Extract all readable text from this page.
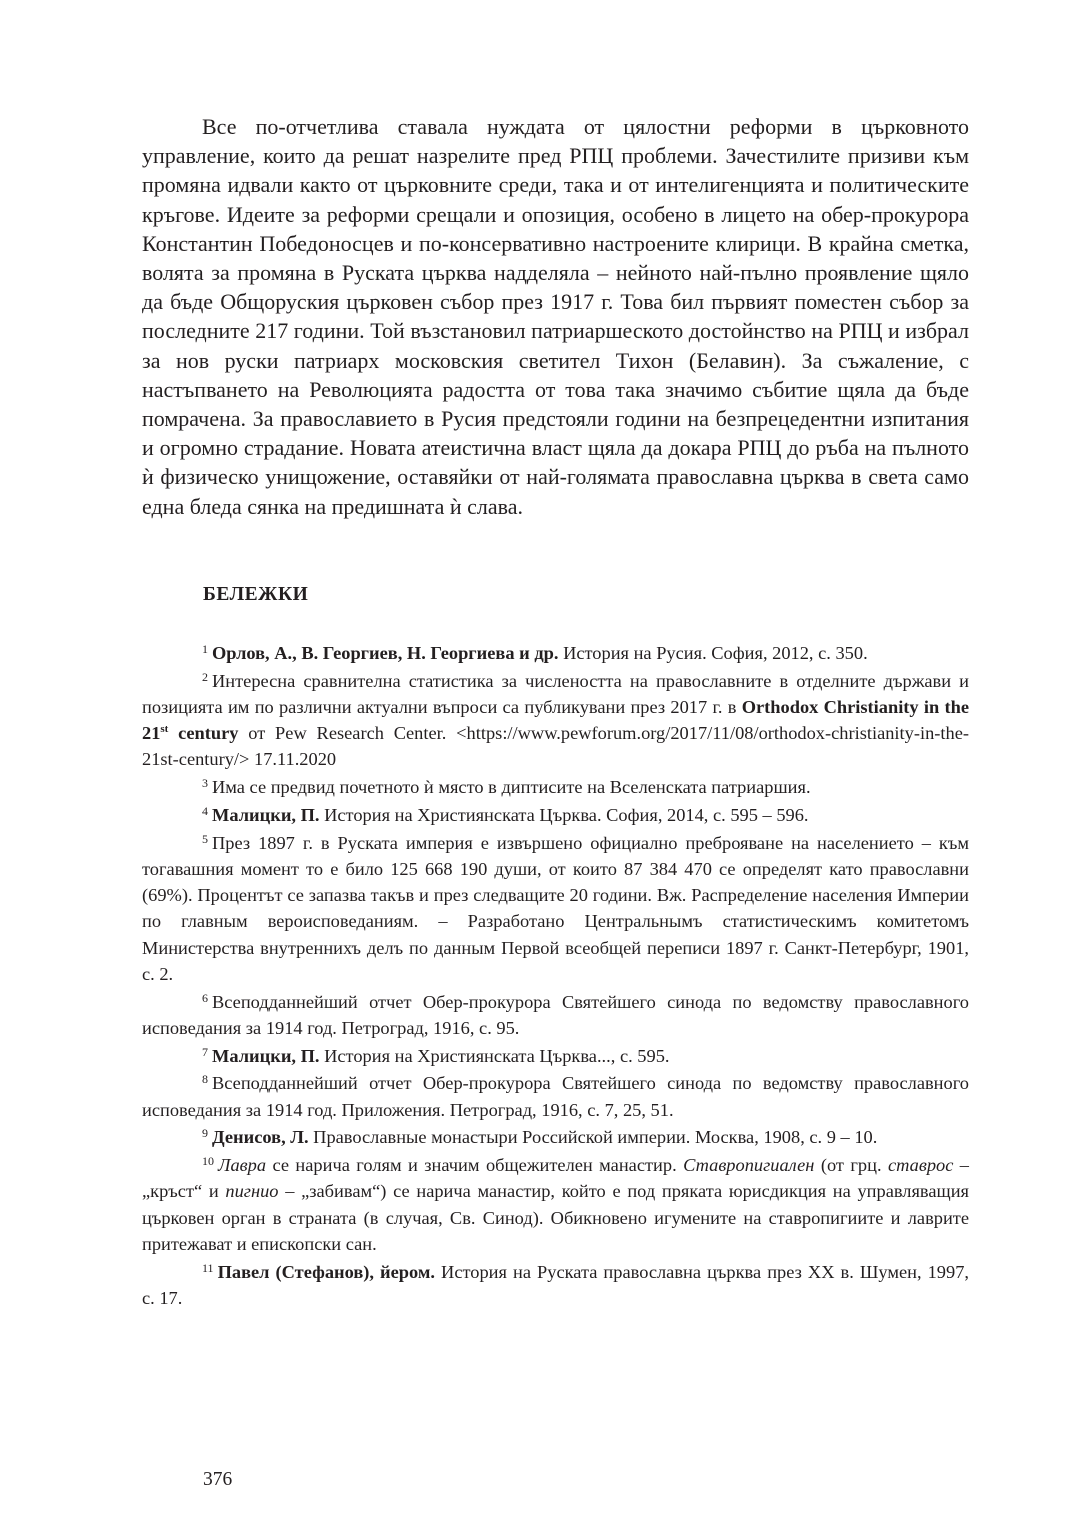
Все по-отчетлива ставала нуждата от цялостни реформи в църковното управление, които да решат назрелите пред РПЦ проблеми. Зачестилите призиви към промяна идвали както от църковните среди, така и от интелигенцията и политическите кръгове. Идеите за реформи срещали и опозиция, особено в лицето на обер-прокурора Константин Победоносцев и по-консервативно настроените клирици. В крайна сметка, волята за промяна в Руската църква надделяла – нейното най-пълно проявление щяло да бъде Общоруския църковен събор през 1917 г. Това бил първият поместен събор за последните 217 години. Той възстановил патриаршеското достойнство на РПЦ и избрал за нов руски патриарх московския светител Тихон (Белавин). За съжаление, с настъпването на Революцията радостта от това така значимо събитие щяла да бъде помрачена. За православието в Русия предстояли години на безпрецедентни изпитания и огромно страдание. Новата атеистична власт щяла да докара РПЦ до ръба на пълното ѝ физическо унищожение, оставяйки от най-голямата православна църква в света само една бледа сянка на предишната ѝ слава.

БЕЛЕЖКИ

$^1$ Орлов, А., В. Георгиев, Н. Георгиева и др. История на Русия. София, 2012, с. 350.

$^2$ Интересна сравнителна статистика за числеността на православните в отделните държави и позицията им по различни актуални въпроси са публикувани през 2017 г. в Orthodox Christianity in the 21st century от Pew Research Center. <https://www.pewforum.org/2017/11/08/orthodox-christianity-in-the-21st-century/> 17.11.2020

$^3$ Има се предвид почетното ѝ място в диптисите на Вселенската патриаршия.

$^4$ Малицки, П. История на Християнската Църква. София, 2014, с. 595 – 596.

$^5$ През 1897 г. в Руската империя е извършено официално преброяване на населението – към тогавашния момент то е било 125 668 190 души, от които 87 384 470 се определят като православни (69%). Процентът се запазва такъв и през следващите 20 години. Вж. Распределение населения Империи по главным вероисповеданиям. – Разработано Центральнымъ статистическимъ комитетомъ Министерства внутреннихъ делъ по данным Первой всеобщей переписи 1897 г. Санкт-Петербург, 1901, с. 2.

$^6$ Всеподданнейший отчет Обер-прокурора Святейшего синода по ведомству православного исповедания за 1914 год. Петроград, 1916, с. 95.

$^7$ Малицки, П. История на Християнската Църква..., с. 595.

$^8$ Всеподданнейший отчет Обер-прокурора Святейшего синода по ведомству православного исповедания за 1914 год. Приложения. Петроград, 1916, с. 7, 25, 51.

$^9$ Денисов, Л. Православные монастыри Российской империи. Москва, 1908, с. 9 – 10.

$^{10}$ Лавра се нарича голям и значим общежителен манастир. Ставропигиален (от грц. ставрос – „кръст“ и пигнио – „забивам“) се нарича манастир, който е под пряката юрисдикция на управляващия църковен орган в страната (в случая, Св. Синод). Обикновено игумените на ставропигиите и лаврите притежават и епископски сан.

$^{11}$ Павел (Стефанов), йером. История на Руската православна църква през XX в. Шумен, 1997, с. 17.

376
